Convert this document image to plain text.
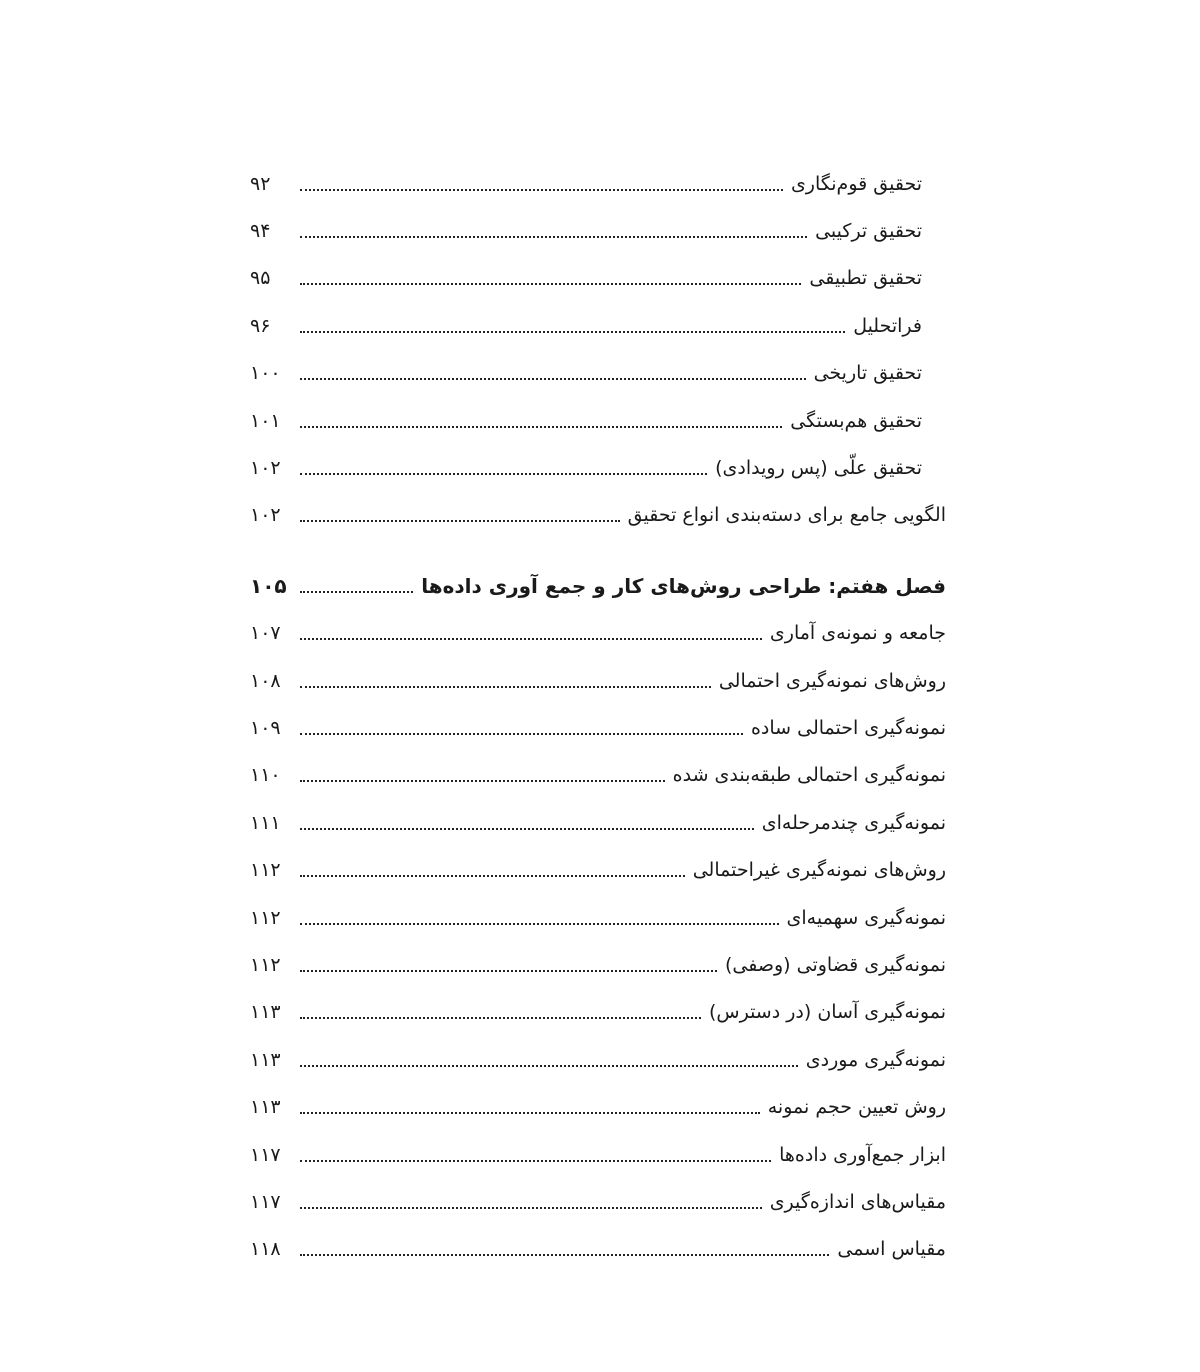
تحقیق قوم‌نگاری
۹۲
تحقیق ترکیبی
۹۴
تحقیق تطبیقی
۹۵
فراتحلیل
۹۶
تحقیق تاریخی
۱۰۰
تحقیق هم‌بستگی
۱۰۱
تحقیق علّی (پس رویدادی)
۱۰۲
الگویی جامع برای دسته‌بندی انواع تحقیق
۱۰۲
فصل هفتم: طراحی روش‌های کار و جمع آوری داده‌ها
۱۰۵
جامعه و نمونه‌ی آماری
۱۰۷
روش‌های نمونه‌گیری احتمالی
۱۰۸
نمونه‌گیری احتمالی ساده
۱۰۹
نمونه‌گیری احتمالی طبقه‌بندی شده
۱۱۰
نمونه‌گیری چندمرحله‌ای
۱۱۱
روش‌های نمونه‌گیری غیراحتمالی
۱۱۲
نمونه‌گیری سهمیه‌ای
۱۱۲
نمونه‌گیری قضاوتی (وصفی)
۱۱۲
نمونه‌گیری آسان (در دسترس)
۱۱۳
نمونه‌گیری موردی
۱۱۳
روش تعیین حجم نمونه
۱۱۳
ابزار جمع‌آوری داده‌ها
۱۱۷
مقیاس‌های اندازه‌گیری
۱۱۷
مقیاس اسمی
۱۱۸
